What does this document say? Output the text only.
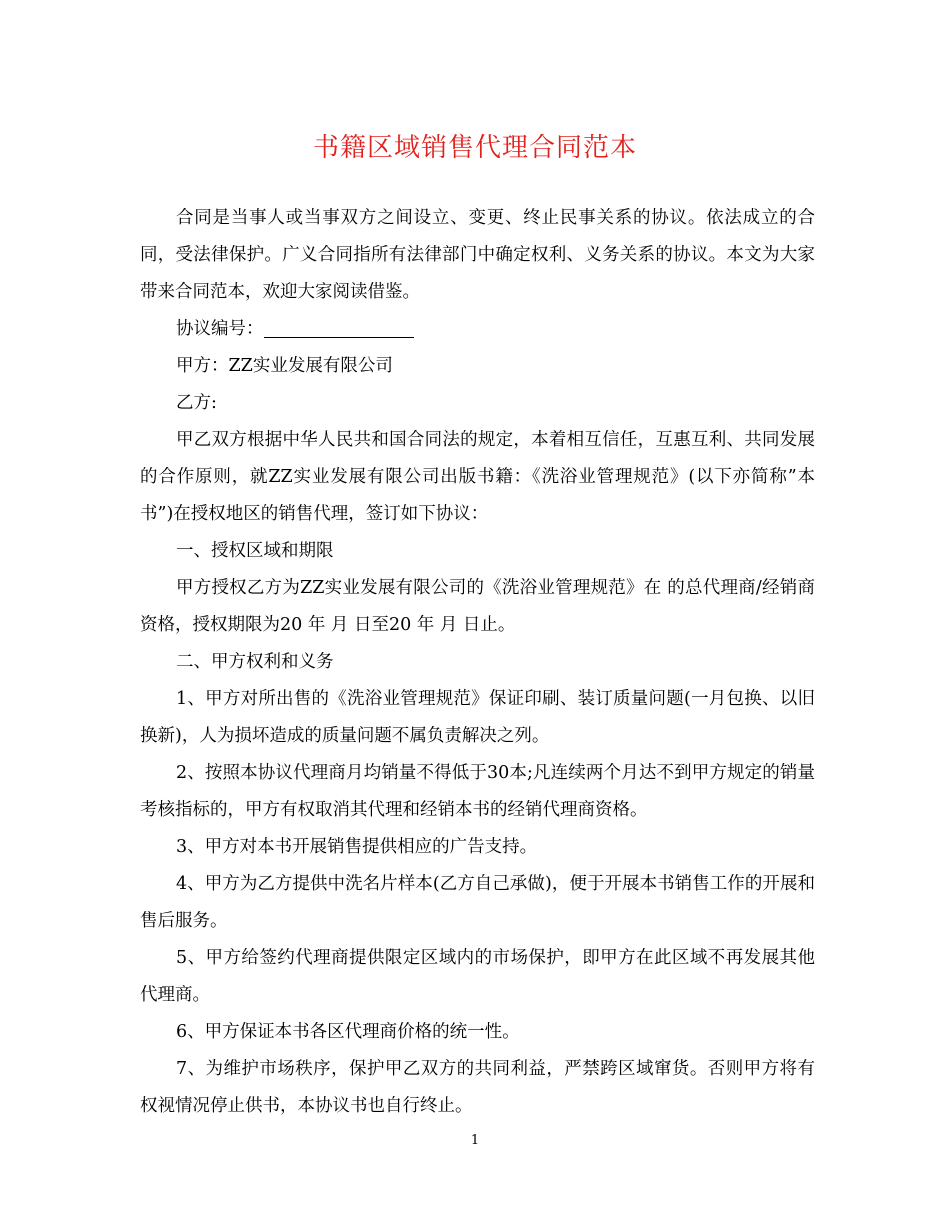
书籍区域销售代理合同范本

合同是当事人或当事双方之间设立、变更、终止民事关系的协议。依法成立的合同，受法律保护。广义合同指所有法律部门中确定权利、义务关系的协议。本文为大家带来合同范本，欢迎大家阅读借鉴。

协议编号：

甲方：ZZ实业发展有限公司

乙方:

甲乙双方根据中华人民共和国合同法的规定，本着相互信任，互惠互利、共同发展的合作原则，就ZZ实业发展有限公司出版书籍：《洗浴业管理规范》(以下亦简称”本书”)在授权地区的销售代理，签订如下协议：

一、授权区域和期限

甲方授权乙方为ZZ实业发展有限公司的《洗浴业管理规范》在 的总代理商/经销商资格，授权期限为20 年 月 日至20 年 月 日止。

二、甲方权利和义务

1、甲方对所出售的《洗浴业管理规范》保证印刷、装订质量问题(一月包换、以旧换新)，人为损坏造成的质量问题不属负责解决之列。

2、按照本协议代理商月均销量不得低于30本;凡连续两个月达不到甲方规定的销量考核指标的，甲方有权取消其代理和经销本书的经销代理商资格。

3、甲方对本书开展销售提供相应的广告支持。

4、甲方为乙方提供中洗名片样本(乙方自己承做)，便于开展本书销售工作的开展和售后服务。

5、甲方给签约代理商提供限定区域内的市场保护，即甲方在此区域不再发展其他代理商。

6、甲方保证本书各区代理商价格的统一性。

7、为维护市场秩序，保护甲乙双方的共同利益，严禁跨区域窜货。否则甲方将有权视情况停止供书，本协议书也自行终止。

1
